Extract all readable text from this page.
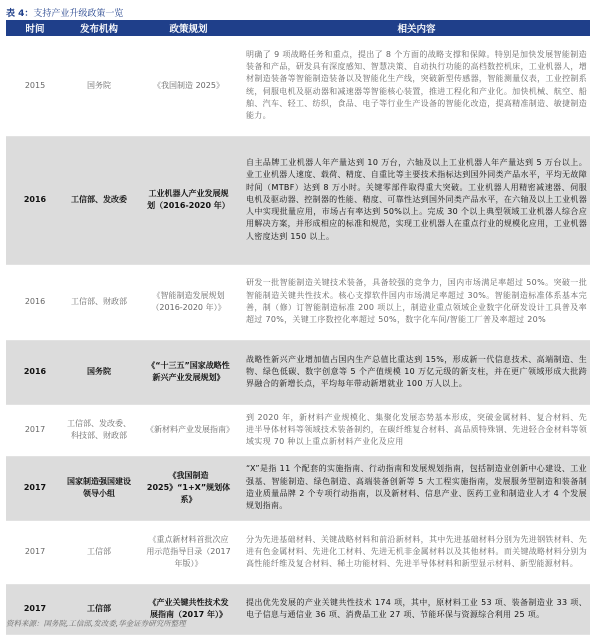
表 4：支持产业升级政策一览
时间	发布机构	政策规划	相关内容
2015	国务院	《我国制造 2025》	明确了 9 项战略任务和重点，提出了 8 个方面的战略支撑和保障。特别是加快发展智能制造装备和产品，研发具有深度感知、智慧决策、自动执行功能的高档数控机床，工业机器人，增材制造装备等智能制造装备以及智能化生产线，突破新型传感器，智能测量仪表，工业控制系统，伺服电机及驱动器和减速器等智能核心装置，推进工程化和产业化。加快机械、航空、船舶、汽车、轻工、纺织，食品、电子等行业生产设备的智能化改造，提高精准制造、敏捷制造能力。
2016	工信部、发改委	工业机器人产业发展规划（2016-2020 年）	自主品牌工业机器人年产量达到 10 万台，六轴及以上工业机器人年产量达到 5 万台以上。业工业机器人速度、载荷、精度、自重比等主要技术指标达到国外同类产品水平，平均无故障时间（MTBF）达到 8 万小时。关键零部件取得重大突破。工业机器人用精密减速器、伺服电机及驱动器、控制器的性能、精度、可靠性达到国外同类产品水平，在六轴及以上工业机器人中实现批量应用，市场占有率达到 50%以上。完成 30 个以上典型领域工业机器人综合应用解决方案，并形成相应的标准和规范，实现工业机器人在重点行业的规模化应用，工业机器人密度达到 150 以上。
2016	工信部、财政部	《智能制造发展规划（2016-2020 年）》	研发一批智能制造关键技术装备，具备较强的竞争力，国内市场满足率超过 50%。突破一批智能制造关键共性技术。核心支撑软件国内市场满足率超过 30%。智能制造标准体系基本完善，制（修）订智能制造标准 200 项以上，制造业重点领域企业数字化研发设计工具普及率超过 70%，关键工序数控化率超过 50%，数字化车间/智能工厂普及率超过 20%
2016	国务院	《“十三五”国家战略性新兴产业发展规划》	战略性新兴产业增加值占国内生产总值比重达到 15%，形成新一代信息技术、高端制造、生物、绿色低碳、数字创意等 5 个产值规模 10 万亿元级的新支柱，并在更广领域形成大批跨界融合的新增长点，平均每年带动新增就业 100 万人以上。
2017	工信部、发改委、科技部、财政部	《新材料产业发展指南》	到 2020 年，新材料产业规模化、集聚化发展态势基本形成，突破金属材料、复合材料、先进半导体材料等领域技术装备制约，在碳纤维复合材料、高品质特殊钢、先进轻合金材料等领域实现 70 种以上重点新材料产业化及应用
2017	国家制造强国建设领导小组	《我国制造 2025》“1+X”规划体系》	“X”是指 11 个配套的实施指南、行动指南和发展规划指南，包括制造业创新中心建设、工业强基、智能制造、绿色制造、高端装备创新等 5 大工程实施指南，发展服务型制造和装备制造业质量品牌 2 个专项行动指南，以及新材料、信息产业、医药工业和制造业人才 4 个发展规划指南。
2017	工信部	《重点新材料首批次应用示范指导目录（2017 年版）》	分为先进基础材料、关键战略材料和前沿新材料，其中先进基础材料分别为先进钢铁材料、先进有色金属材料、先进化工材料、先进无机非金属材料以及其他材料。而关键战略材料分别为高性能纤维及复合材料、稀土功能材料、先进半导体材料和新型显示材料、新型能源材料。
2017	工信部	《产业关键共性技术发展指南（2017 年）》	提出优先发展的产业关键共性技术 174 项，其中，原材料工业 53 项、装备制造业 33 项、电子信息与通信业 36 项、消费品工业 27 项、节能环保与资源综合利用 25 项。
资料来源：国务院,工信部,发改委,华金证券研究所整理
